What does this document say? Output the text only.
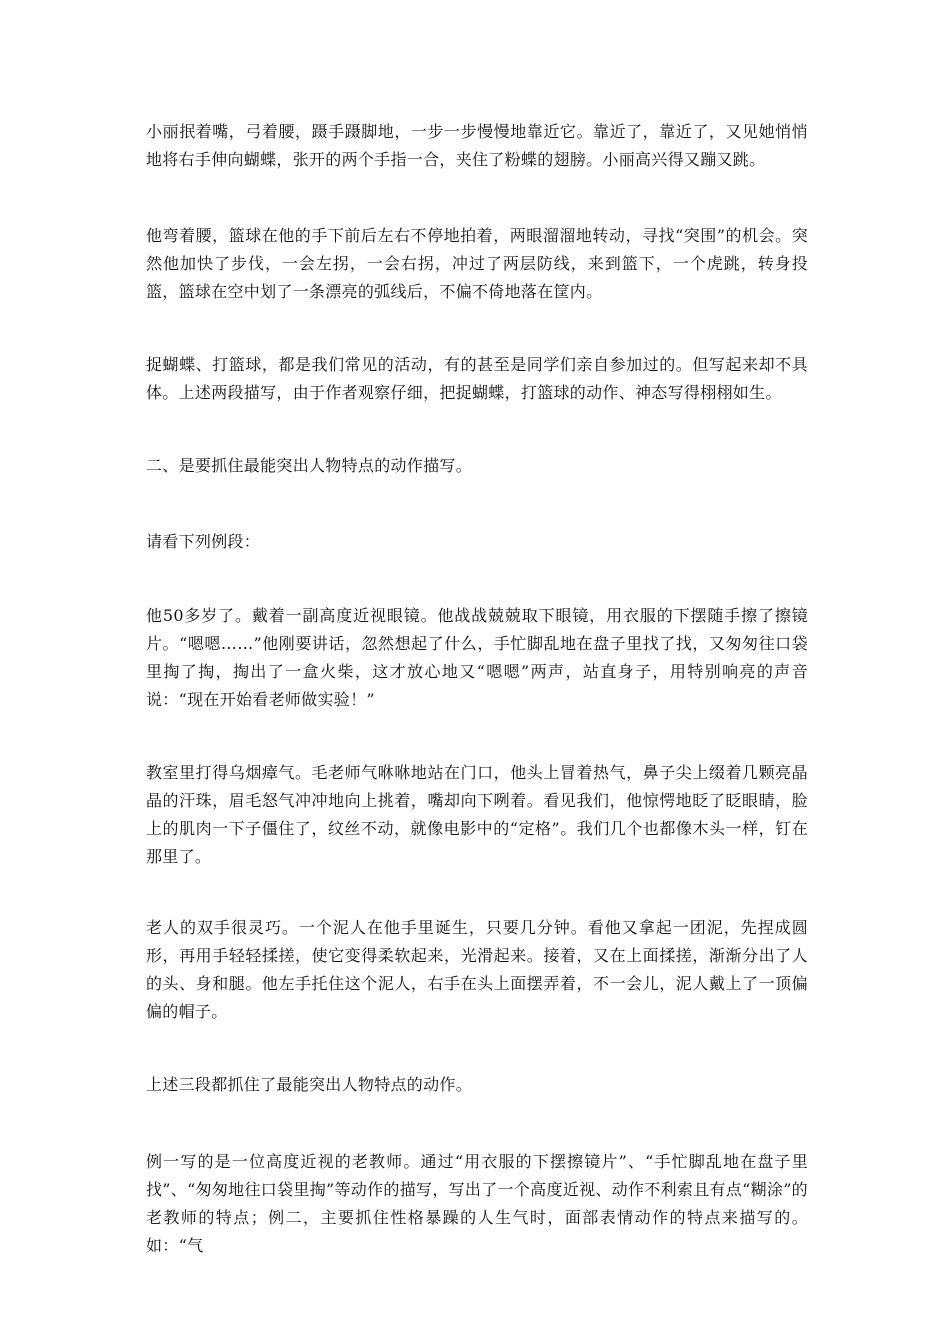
小丽抿着嘴，弓着腰，蹑手蹑脚地，一步一步慢慢地靠近它。靠近了，靠近了，又见她悄悄地将右手伸向蝴蝶，张开的两个手指一合，夹住了粉蝶的翅膀。小丽高兴得又蹦又跳。

他弯着腰，篮球在他的手下前后左右不停地拍着，两眼溜溜地转动，寻找“突围”的机会。突然他加快了步伐，一会左拐，一会右拐，冲过了两层防线，来到篮下，一个虎跳，转身投篮，篮球在空中划了一条漂亮的弧线后，不偏不倚地落在筐内。

捉蝴蝶、打篮球，都是我们常见的活动，有的甚至是同学们亲自参加过的。但写起来却不具体。上述两段描写，由于作者观察仔细，把捉蝴蝶，打篮球的动作、神态写得栩栩如生。

二、是要抓住最能突出人物特点的动作描写。

请看下列例段：

他50多岁了。戴着一副高度近视眼镜。他战战兢兢取下眼镜，用衣服的下摆随手擦了擦镜片。“嗯嗯……”他刚要讲话，忽然想起了什么，手忙脚乱地在盘子里找了找，又匆匆往口袋里掏了掏，掏出了一盒火柴，这才放心地又“嗯嗯”两声，站直身子，用特别响亮的声音说：“现在开始看老师做实验！”

教室里打得乌烟瘴气。毛老师气咻咻地站在门口，他头上冒着热气，鼻子尖上缀着几颗亮晶晶的汗珠，眉毛怒气冲冲地向上挑着，嘴却向下咧着。看见我们，他惊愕地眨了眨眼睛，脸上的肌肉一下子僵住了，纹丝不动，就像电影中的“定格”。我们几个也都像木头一样，钉在那里了。

老人的双手很灵巧。一个泥人在他手里诞生，只要几分钟。看他又拿起一团泥，先捏成圆形，再用手轻轻揉搓，使它变得柔软起来，光滑起来。接着，又在上面揉搓，渐渐分出了人的头、身和腿。他左手托住这个泥人，右手在头上面摆弄着，不一会儿，泥人戴上了一顶偏偏的帽子。

上述三段都抓住了最能突出人物特点的动作。

例一写的是一位高度近视的老教师。通过“用衣服的下摆擦镜片”、“手忙脚乱地在盘子里找”、“匆匆地往口袋里掏”等动作的描写，写出了一个高度近视、动作不利索且有点“糊涂”的老教师的特点；例二，主要抓住性格暴躁的人生气时，面部表情动作的特点来描写的。如：“气
